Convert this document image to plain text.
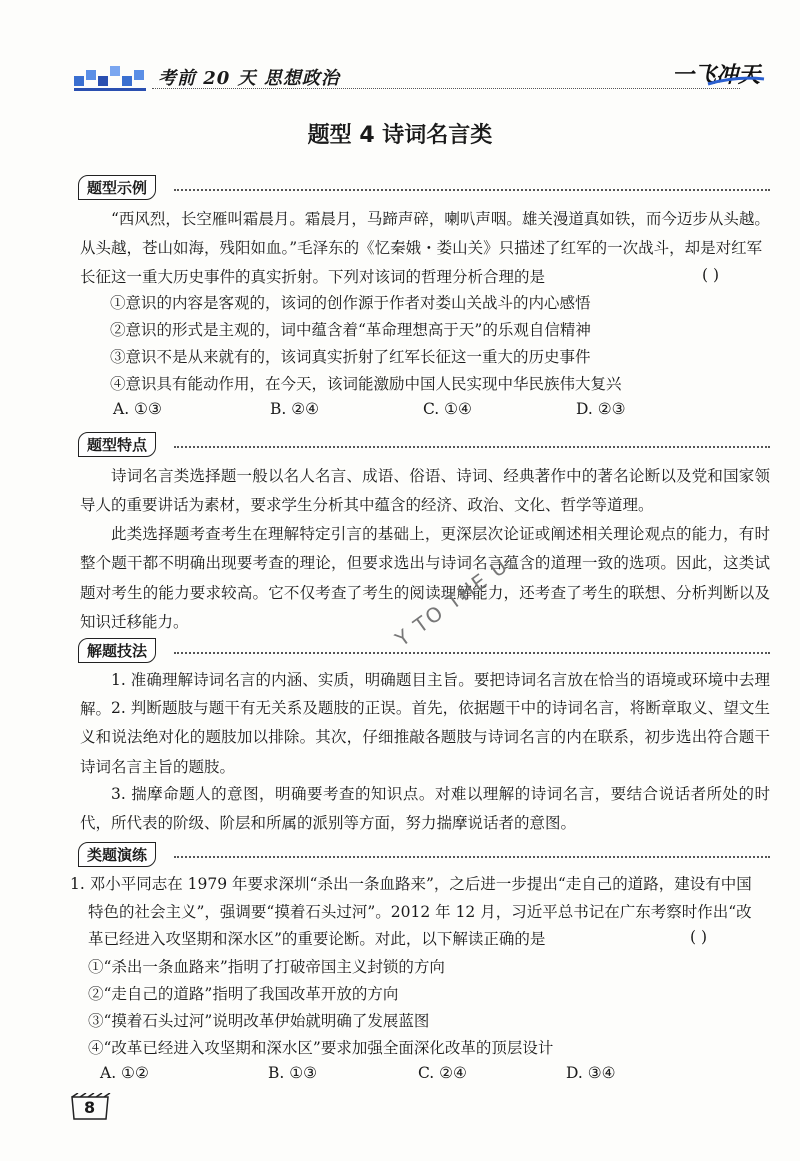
考前 20 天 思想政治	一飞冲天
题型 4 诗词名言类
题型示例

“西风烈，长空雁叫霜晨月。霜晨月，马蹄声碎，喇叭声咽。雄关漫道真如铁，而今迈步从头越。

从头越，苍山如海，残阳如血。”毛泽东的《忆秦娥・娄山关》只描述了红军的一次战斗，却是对红军

长征这一重大历史事件的真实折射。下列对该词的哲理分析合理的是	( )
①意识的内容是客观的，该词的创作源于作者对娄山关战斗的内心感悟
②意识的形式是主观的，词中蕴含着“革命理想高于天”的乐观自信精神
③意识不是从来就有的，该词真实折射了红军长征这一重大的历史事件
④意识具有能动作用，在今天，该词能激励中国人民实现中华民族伟大复兴
A. ①③	B. ②④	C. ①④	D. ②③
题型特点

诗词名言类选择题一般以名人名言、成语、俗语、诗词、经典著作中的著名论断以及党和国家领导人的重要讲话为素材，要求学生分析其中蕴含的经济、政治、文化、哲学等道理。

此类选择题考查考生在理解特定引言的基础上，更深层次论证或阐述相关理论观点的能力，有时整个题干都不明确出现要考查的理论，但要求选出与诗词名言蕴含的道理一致的选项。因此，这类试题对考生的能力要求较高。它不仅考查了考生的阅读理解能力，还考查了考生的联想、分析判断以及知识迁移能力。

解题技法

1. 准确理解诗词名言的内涵、实质，明确题目主旨。要把诗词名言放在恰当的语境或环境中去理解。 2. 判断题肢与题干有无关系及题肢的正误。首先，依据题干中的诗词名言，将断章取义、望文生义和说法绝对化的题肢加以排除。其次，仔细推敲各题肢与诗词名言的内在联系，初步选出符合题干诗词名言主旨的题肢。

3. 揣摩命题人的意图，明确要考查的知识点。对难以理解的诗词名言，要结合说话者所处的时代，所代表的阶级、阶层和所属的派别等方面，努力揣摩说话者的意图。

类题演练

1. 邓小平同志在 1979 年要求深圳“杀出一条血路来”，之后进一步提出“走自己的道路，建设有中国

特色的社会主义”，强调要“摸着石头过河”。2012 年 12 月，习近平总书记在广东考察时作出“改

革已经进入攻坚期和深水区”的重要论断。对此，以下解读正确的是	( )
①“杀出一条血路来”指明了打破帝国主义封锁的方向
②“走自己的道路”指明了我国改革开放的方向
③“摸着石头过河”说明改革伊始就明确了发展蓝图
④“改革已经进入攻坚期和深水区”要求加强全面深化改革的顶层设计
A. ①②	B. ①③	C. ②④	D. ③④
Y TO THE U
8
